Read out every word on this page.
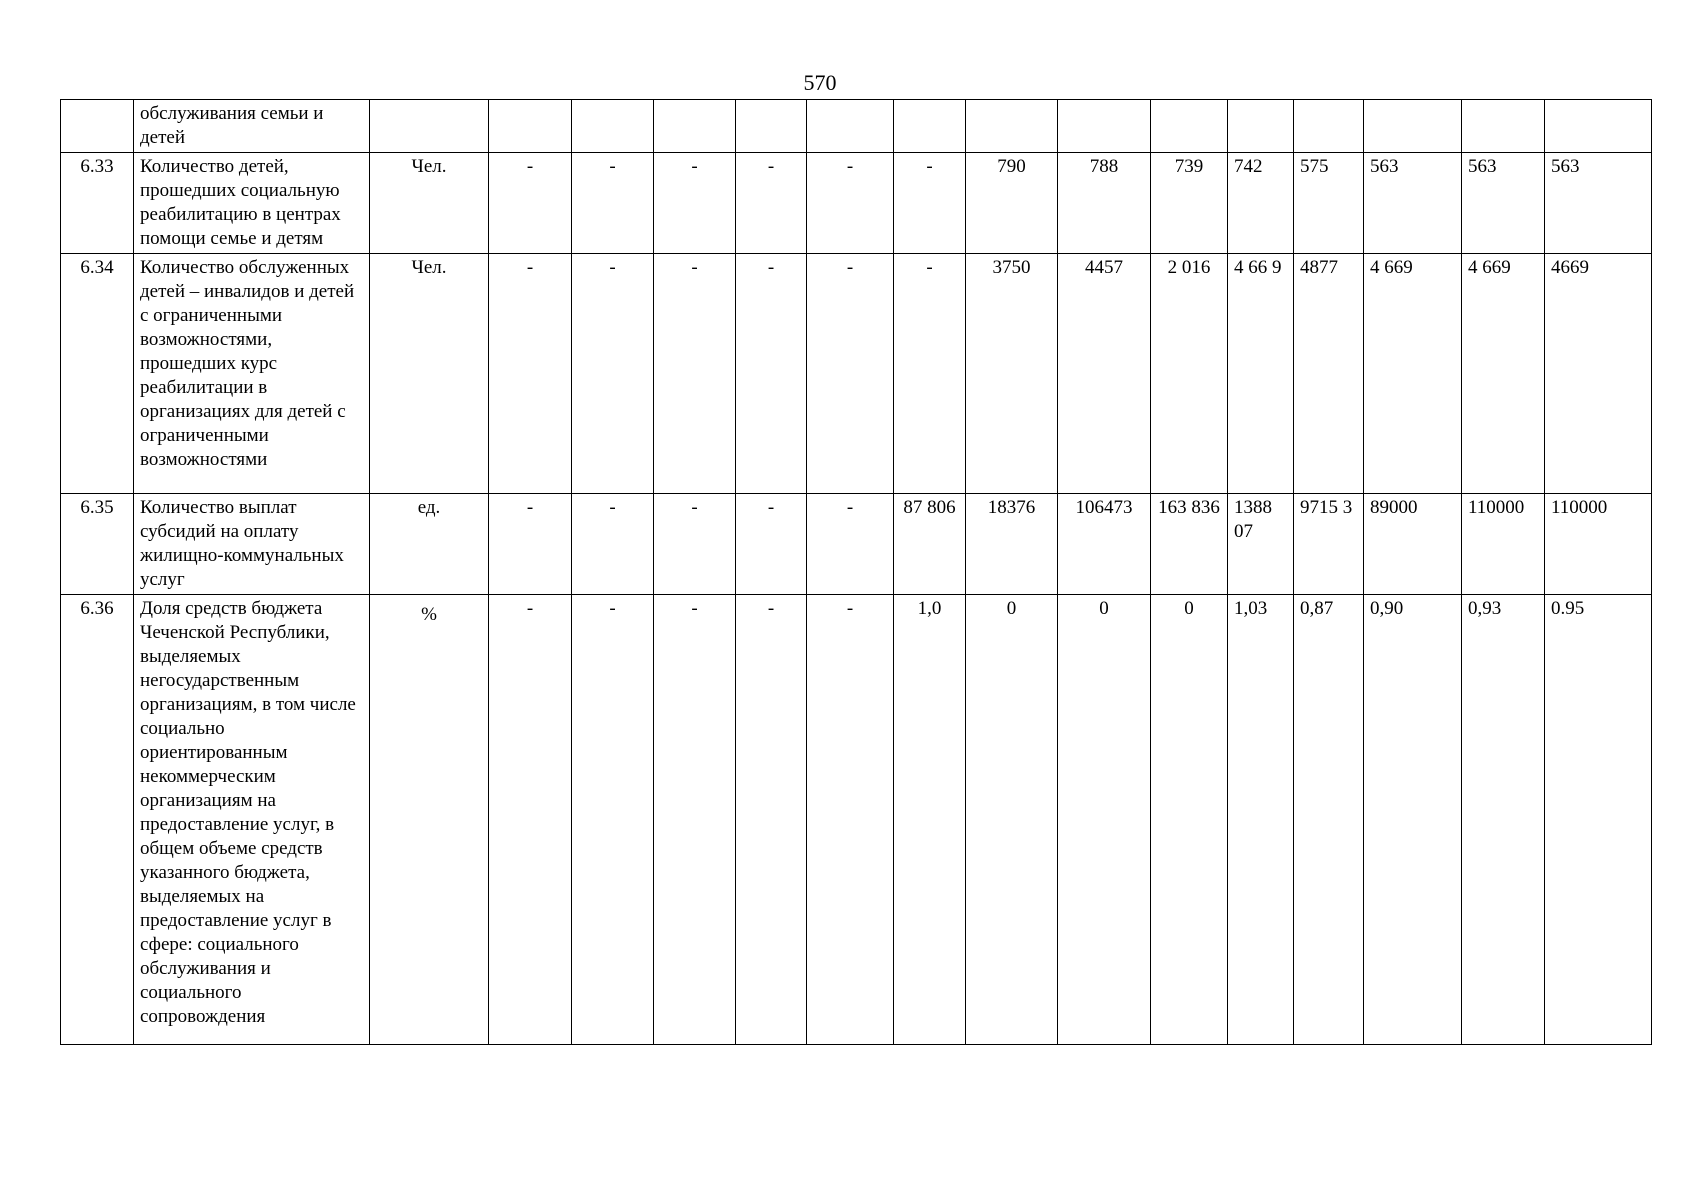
570
	обслуживания семьи и детей															
6.33	Количество детей, прошедших социальную реабилитацию в центрах помощи семье и детям	Чел.	-	-	-	-	-	-	790	788	739	742	575	563	563	563
6.34	Количество обслуженных детей – инвалидов и детей с ограниченными возможностями, прошедших курс реабилитации в организациях для детей с ограниченными возможностями	Чел.	-	-	-	-	-	-	3750	4457	2 016	4 66 9	4877	4 669	4 669	4669
6.35	Количество выплат субсидий на оплату жилищно-коммунальных услуг	ед.	-	-	-	-	-	87 806	18376	106473	163 836	1388 07	9715 3	89000	110000	110000
6.36	Доля средств бюджета Чеченской Республики, выделяемых негосударственным организациям, в том числе социально ориентированным некоммерческим организациям на предоставление услуг, в общем объеме средств указанного бюджета, выделяемых на предоставление услуг в сфере: социального обслуживания и социального сопровождения	%	-	-	-	-	-	1,0	0	0	0	1,03	0,87	0,90	0,93	0.95
